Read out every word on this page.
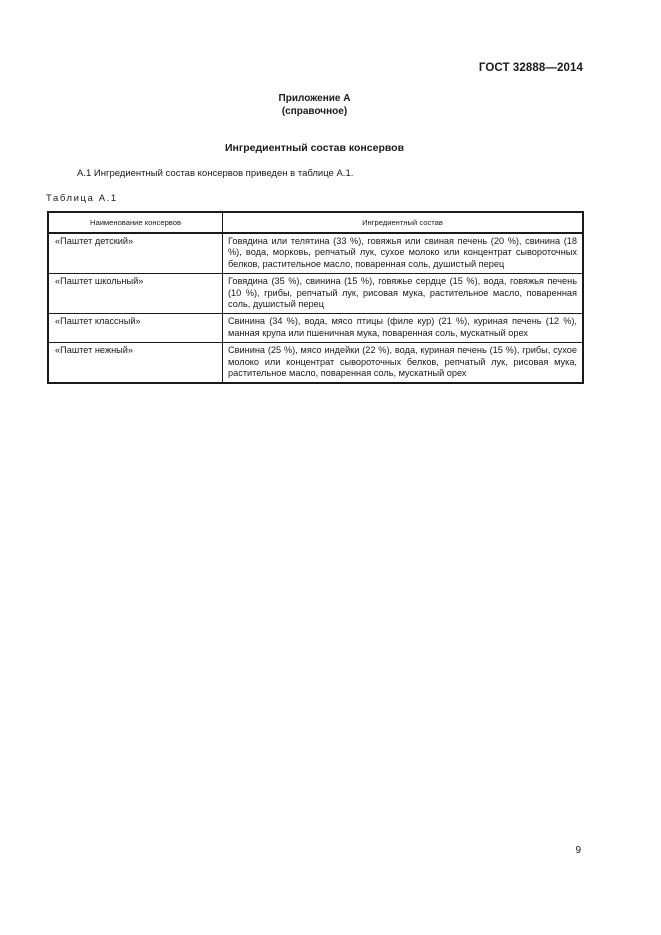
ГОСТ 32888—2014
Приложение А
(справочное)
Ингредиентный состав консервов
А.1 Ингредиентный состав консервов приведен в таблице А.1.
Таблица А.1
Наименование консервов	Ингредиентный состав
«Паштет детский»	Говядина или телятина (33 %), говяжья или свиная печень (20 %), свинина (18 %), вода, морковь, репчатый лук, сухое молоко или концентрат сывороточных белков, растительное масло, поваренная соль, душистый перец
«Паштет школьный»	Говядина (35 %), свинина (15 %), говяжье сердце (15 %), вода, говяжья печень (10 %), грибы, репчатый лук, рисовая мука, растительное масло, поваренная соль, душистый перец
«Паштет классный»	Свинина (34 %), вода, мясо птицы (филе кур) (21 %), куриная печень (12 %), манная крупа или пшеничная мука, поваренная соль, мускатный орех
«Паштет нежный»	Свинина (25 %), мясо индейки (22 %), вода, куриная печень (15 %), грибы, сухое молоко или концентрат сывороточных белков, репчатый лук, рисовая мука, растительное масло, поваренная соль, мускатный орех
9
